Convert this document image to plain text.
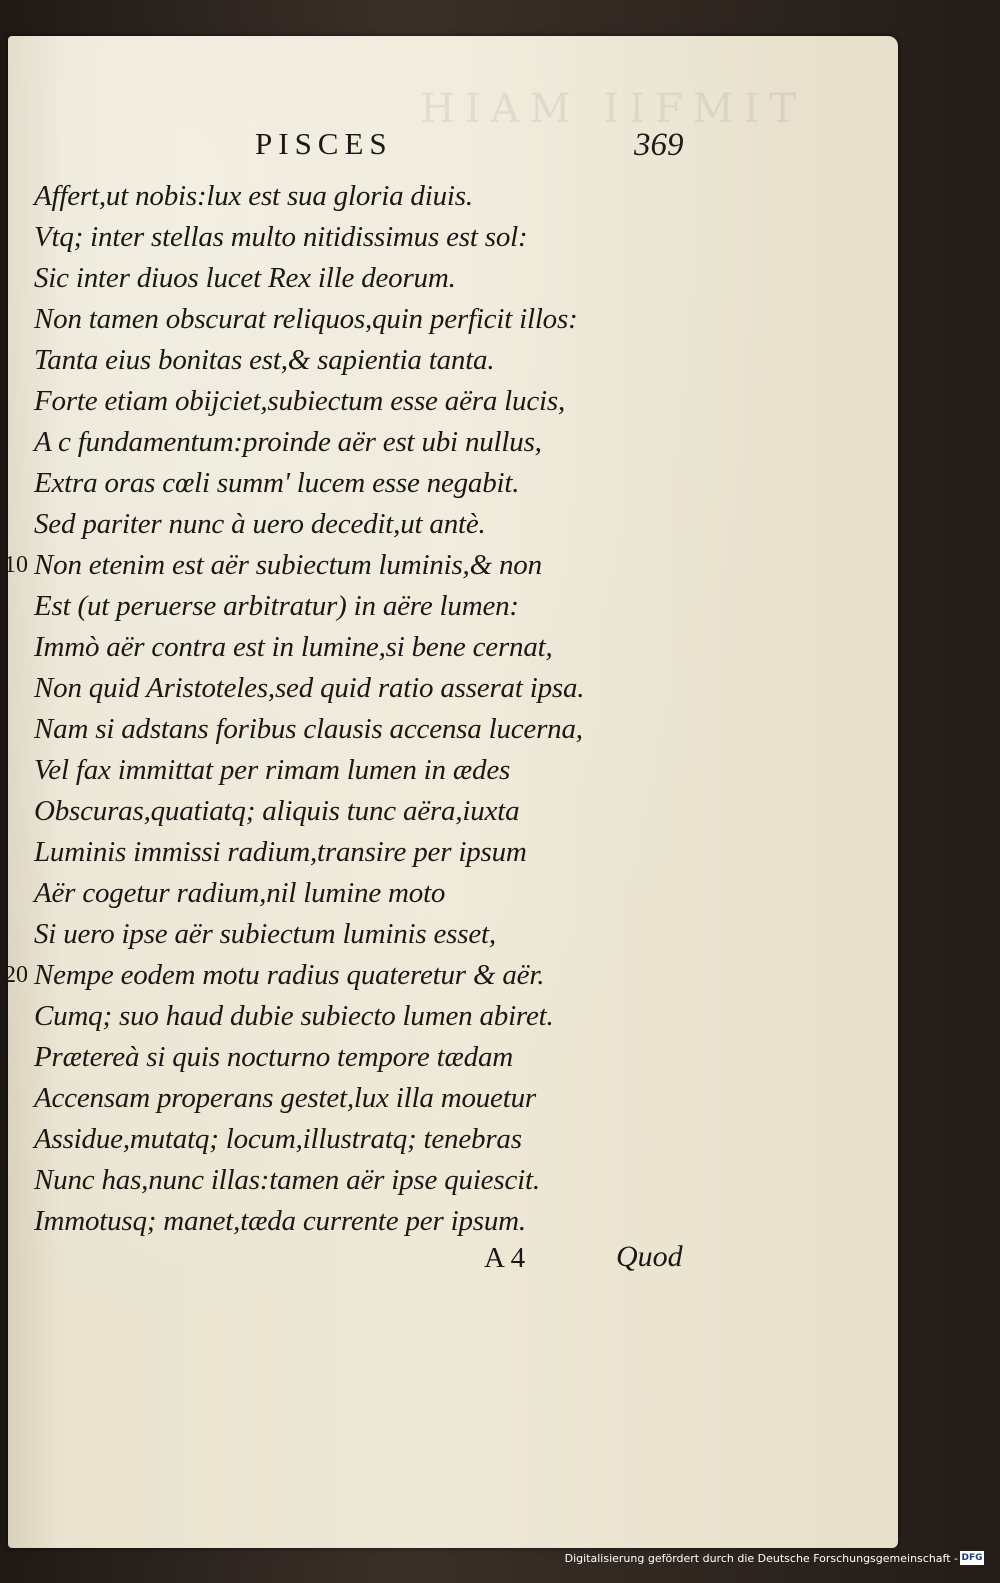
PISCES	369
Affert,ut nobis:lux est sua gloria diuis.
Vtq; inter stellas multo nitidissimus est sol:
Sic inter diuos lucet Rex ille deorum.
Non tamen obscurat reliquos,quin perficit illos:
Tanta eius bonitas est,& sapientia tanta.
Forte etiam obijciet,subiectum esse aëra lucis,
A c fundamentum:proinde aër est ubi nullus,
Extra oras cœli summ' lucem esse negabit.
Sed pariter nunc à uero decedit,ut antè.
Non etenim est aër subiectum luminis,& non
Est (ut peruerse arbitratur) in aëre lumen:
Immò aër contra est in lumine,si bene cernat,
Non quid Aristoteles,sed quid ratio asserat ipsa.
Nam si adstans foribus clausis accensa lucerna,
Vel fax immittat per rimam lumen in ædes
Obscuras,quatiatq; aliquis tunc aëra,iuxta
Luminis immissi radium,transire per ipsum
Aër cogetur radium,nil lumine moto
Si uero ipse aër subiectum luminis esset,
Nempe eodem motu radius quateretur & aër.
Cumq; suo haud dubie subiecto lumen abiret.
Prætereà si quis nocturno tempore tædam
Accensam properans gestet,lux illa mouetur
Assidue,mutatq; locum,illustratq; tenebras
Nunc has,nunc illas:tamen aër ipse quiescit.
Immotusq; manet,tæda currente per ipsum.
10
20
A 4	Quod
Digitalisierung gefördert durch die Deutsche Forschungsgemeinschaft - DFG
